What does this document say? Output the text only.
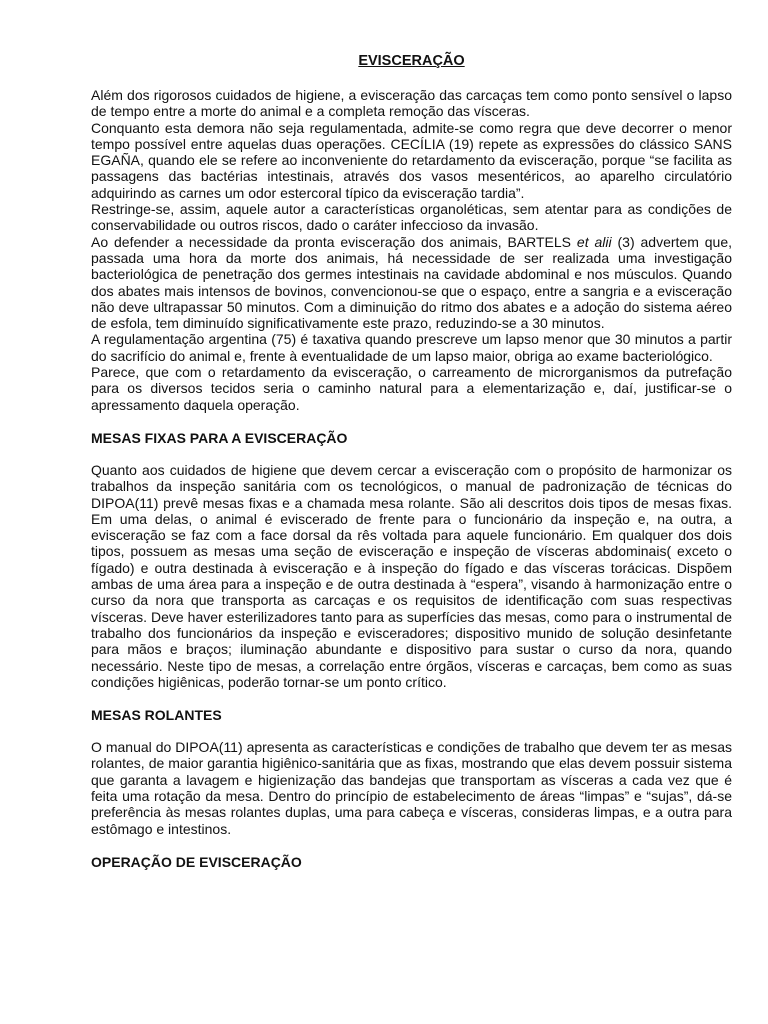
EVISCERAÇÃO

Além dos rigorosos cuidados de higiene, a evisceração das carcaças tem como ponto sensível o lapso de tempo entre a morte do animal e a completa remoção das vísceras.

Conquanto esta demora não seja regulamentada, admite-se como regra que deve decorrer o menor tempo possível entre aquelas duas operações. CECÍLIA (19) repete as expressões do clássico SANS EGAÑA, quando ele se refere ao inconveniente do retardamento da evisceração, porque “se facilita as passagens das bactérias intestinais, através dos vasos mesentéricos, ao aparelho circulatório adquirindo as carnes um odor estercoral típico da evisceração tardia”.

Restringe-se, assim, aquele autor a características organoléticas, sem atentar para as condições de conservabilidade ou outros riscos, dado o caráter infeccioso da invasão.

Ao defender a necessidade da pronta evisceração dos animais, BARTELS et alii (3) advertem que, passada uma hora da morte dos animais, há necessidade de ser realizada uma investigação bacteriológica de penetração dos germes intestinais na cavidade abdominal e nos músculos. Quando dos abates mais intensos de bovinos, convencionou-se que o espaço, entre a sangria e a evisceração não deve ultrapassar 50 minutos. Com a diminuição do ritmo dos abates e a adoção do sistema aéreo de esfola, tem diminuído significativamente este prazo, reduzindo-se a 30 minutos.

A regulamentação argentina (75) é taxativa quando prescreve um lapso menor que 30 minutos a partir do sacrifício do animal e, frente à eventualidade de um lapso maior, obriga ao exame bacteriológico.

Parece, que com o retardamento da evisceração, o carreamento de microrganismos da putrefação para os diversos tecidos seria o caminho natural para a elementarização e, daí, justificar-se o apressamento daquela operação.

MESAS FIXAS PARA A EVISCERAÇÃO

Quanto aos cuidados de higiene que devem cercar a evisceração com o propósito de harmonizar os trabalhos da inspeção sanitária com os tecnológicos, o manual de padronização de técnicas do DIPOA(11) prevê mesas fixas e a chamada mesa rolante. São ali descritos dois tipos de mesas fixas. Em uma delas, o animal é eviscerado de frente para o funcionário da inspeção e, na outra, a evisceração se faz com a face dorsal da rês voltada para aquele funcionário. Em qualquer dos dois tipos, possuem as mesas uma seção de evisceração e inspeção de vísceras abdominais( exceto o fígado) e outra destinada à evisceração e à inspeção do fígado e das vísceras torácicas. Dispõem ambas de uma área para a inspeção e de outra destinada à “espera”, visando à harmonização entre o curso da nora que transporta as carcaças e os requisitos de identificação com suas respectivas vísceras. Deve haver esterilizadores tanto para as superfícies das mesas, como para o instrumental de trabalho dos funcionários da inspeção e evisceradores; dispositivo munido de solução desinfetante para mãos e braços; iluminação abundante e dispositivo para sustar o curso da nora, quando necessário. Neste tipo de mesas, a correlação entre órgãos, vísceras e carcaças, bem como as suas condições higiênicas, poderão tornar-se um ponto crítico.

MESAS ROLANTES

O manual do DIPOA(11) apresenta as características e condições de trabalho que devem ter as mesas rolantes, de maior garantia higiênico-sanitária que as fixas, mostrando que elas devem possuir sistema que garanta a lavagem e higienização das bandejas que transportam as vísceras a cada vez que é feita uma rotação da mesa. Dentro do princípio de estabelecimento de áreas “limpas” e “sujas”, dá-se preferência às mesas rolantes duplas, uma para cabeça e vísceras, consideras limpas, e a outra para estômago e intestinos.

OPERAÇÃO DE EVISCERAÇÃO
